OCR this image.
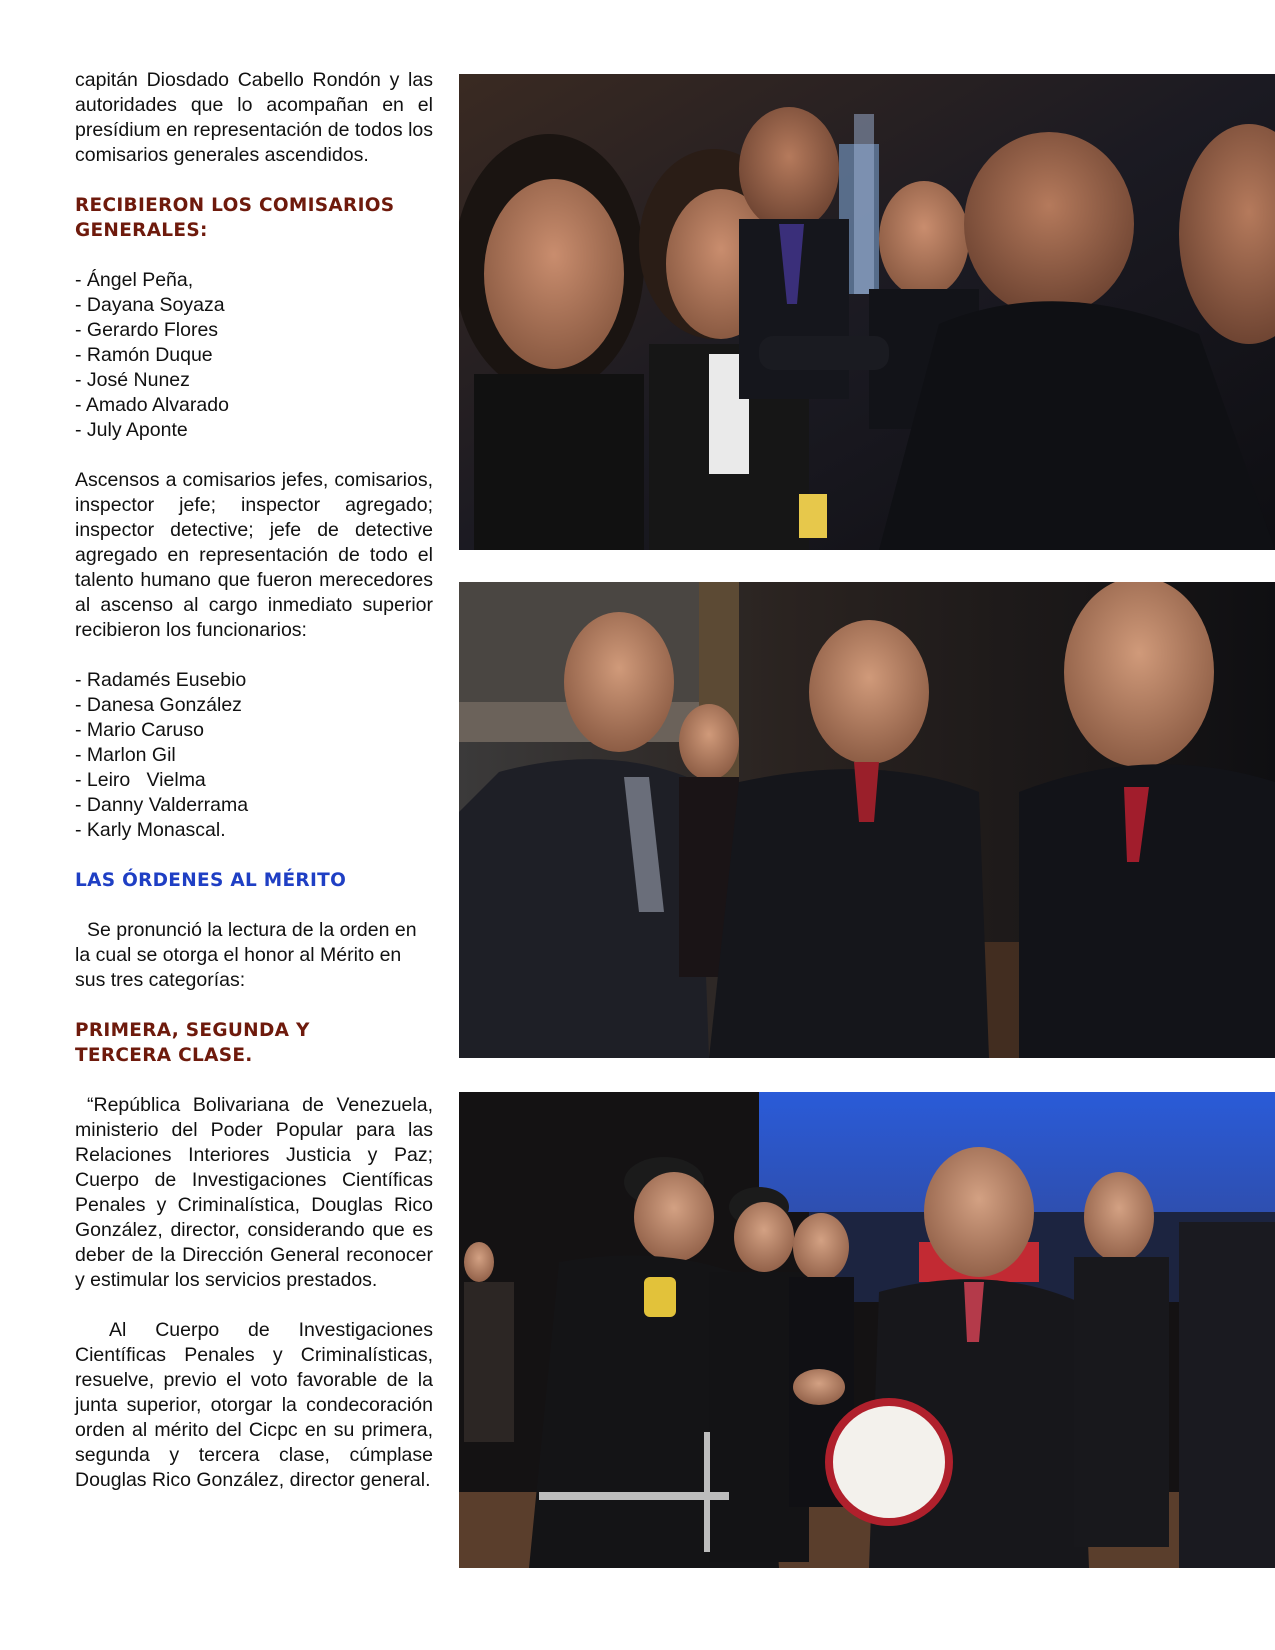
capitán Diosdado Cabello Rondón y las autoridades que lo acompañan en el presídium en representación de todos los comisarios generales ascendidos.

RECIBIERON LOS COMISARIOS
GENERALES:

- Ángel Peña,
- Dayana Soyaza
- Gerardo Flores
- Ramón Duque
- José Nunez
- Amado Alvarado
- July Aponte

Ascensos a comisarios jefes, comisarios, inspector jefe; inspector agregado; inspector detective; jefe de detective agregado en representación de todo el talento humano que fueron merecedores al ascenso al cargo inmediato superior recibieron los funcionarios:

- Radamés Eusebio
- Danesa González
- Mario Caruso
- Marlon Gil
- Leiro   Vielma
- Danny Valderrama
- Karly Monascal.

LAS ÓRDENES AL MÉRITO

Se pronunció la lectura de la orden en la cual se otorga el honor al Mérito en sus tres categorías:

PRIMERA, SEGUNDA Y
TERCERA CLASE.

“República Bolivariana de Venezuela, ministerio del Poder Popular para las Relaciones Interiores Justicia y Paz; Cuerpo de Investigaciones Científicas Penales y Criminalística, Douglas Rico González, director, considerando que es deber de la Dirección General reconocer y estimular los servicios prestados.

Al Cuerpo de Investigaciones Científicas Penales y Criminalísticas, resuelve, previo el voto favorable de la junta superior, otorgar la condecoración orden al mérito del Cicpc en su primera, segunda y tercera clase, cúmplase Douglas Rico González, director general.
